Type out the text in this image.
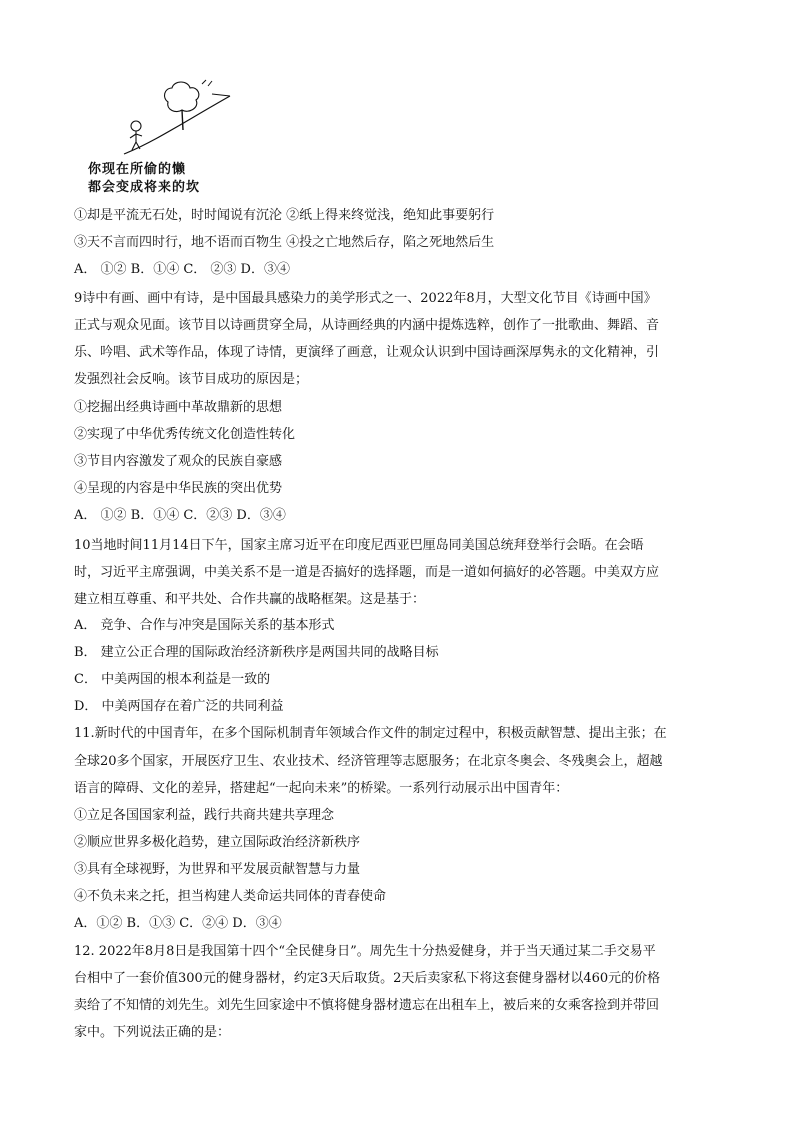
你现在所偷的懒
都会变成将来的坎
①却是平流无石处，时时闻说有沉沦 ②纸上得来终觉浅，绝知此事要躬行
③天不言而四时行，地不语而百物生 ④投之亡地然后存，陷之死地然后生
A． ①② B．①④ C． ②③ D．③④
9诗中有画、画中有诗，是中国最具感染力的美学形式之一、2022年8月，大型文化节目《诗画中国》
正式与观众见面。该节目以诗画贯穿全局，从诗画经典的内涵中提炼选粹，创作了一批歌曲、舞蹈、音
乐、吟唱、武术等作品，体现了诗情，更演绎了画意，让观众认识到中国诗画深厚隽永的文化精神，引
发强烈社会反响。该节目成功的原因是；
①挖掘出经典诗画中革故鼎新的思想
②实现了中华优秀传统文化创造性转化
③节目内容激发了观众的民族自豪感
④呈现的内容是中华民族的突出优势
A． ①② B．①④ C．②③ D．③④
10当地时间11月14日下午，国家主席习近平在印度尼西亚巴厘岛同美国总统拜登举行会晤。在会晤
时，习近平主席强调，中美关系不是一道是否搞好的选择题，而是一道如何搞好的必答题。中美双方应
建立相互尊重、和平共处、合作共赢的战略框架。这是基于：
A． 竞争、合作与冲突是国际关系的基本形式
B． 建立公正合理的国际政治经济新秩序是两国共同的战略目标
C． 中美两国的根本利益是一致的
D． 中美两国存在着广泛的共同利益
11.新时代的中国青年，在多个国际机制青年领域合作文件的制定过程中，积极贡献智慧、提出主张；在
全球20多个国家，开展医疗卫生、农业技术、经济管理等志愿服务；在北京冬奥会、冬残奥会上，超越
语言的障碍、文化的差异，搭建起“一起向未来”的桥梁。一系列行动展示出中国青年：
①立足各国国家利益，践行共商共建共享理念
②顺应世界多极化趋势，建立国际政治经济新秩序
③具有全球视野，为世界和平发展贡献智慧与力量
④不负未来之托，担当构建人类命运共同体的青春使命
A．①② B．①③ C．②④ D．③④
12. 2022年8月8日是我国第十四个“全民健身日”。周先生十分热爱健身，并于当天通过某二手交易平
台相中了一套价值300元的健身器材，约定3天后取货。2天后卖家私下将这套健身器材以460元的价格
卖给了不知情的刘先生。刘先生回家途中不慎将健身器材遗忘在出租车上，被后来的女乘客捡到并带回
家中。下列说法正确的是：
